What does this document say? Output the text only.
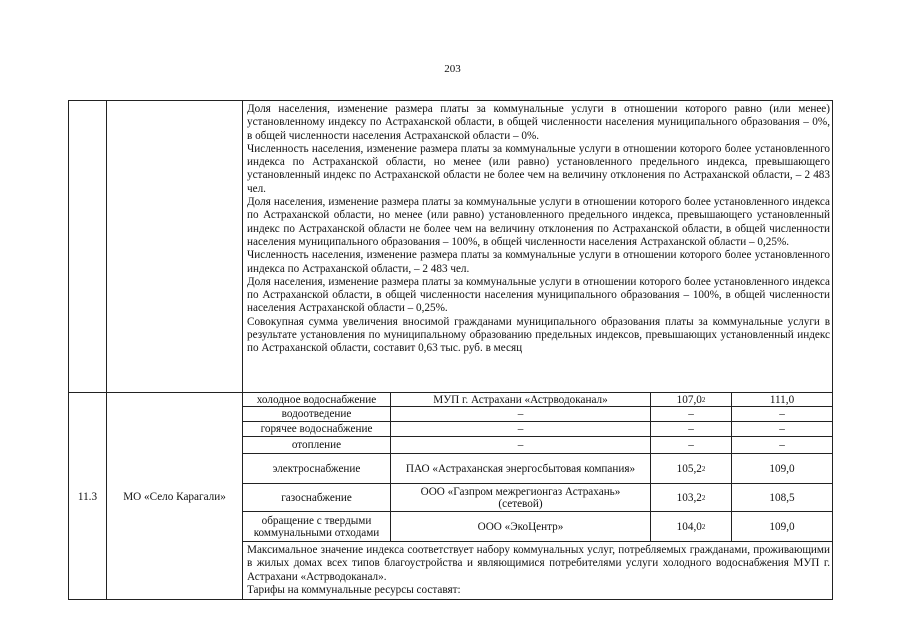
203

Доля населения, изменение размера платы за коммунальные услуги в отношении которого равно (или менее) установленному индексу по Астраханской области, в общей численности населения муниципального образования – 0%, в общей численности населения Астраханской области – 0%.

Численность населения, изменение размера платы за коммунальные услуги в отношении которого более установленного индекса по Астраханской области, но менее (или равно) установленного предельного индекса, превышающего установленный индекс по Астраханской области не более чем на величину отклонения по Астраханской области, – 2 483 чел.

Доля населения, изменение размера платы за коммунальные услуги в отношении которого более установленного индекса по Астраханской области, но менее (или равно) установленного предельного индекса, превышающего установленный индекс по Астраханской области не более чем на величину отклонения по Астраханской области, в общей численности населения муниципального образования – 100%, в общей численности населения Астраханской области – 0,25%.

Численность населения, изменение размера платы за коммунальные услуги в отношении которого более установленного индекса по Астраханской области, – 2 483 чел.

Доля населения, изменение размера платы за коммунальные услуги в отношении которого более установленного индекса по Астраханской области, в общей численности населения муниципального образования – 100%, в общей численности населения Астраханской области – 0,25%.

Совокупная сумма увеличения вносимой гражданами муниципального образования платы за коммунальные услуги в результате установления по муниципальному образованию предельных индексов, превышающих установленный индекс по Астраханской области, составит 0,63 тыс. руб. в месяц

11.3	МО «Село Карагали»
холодное водоснабжение	МУП г. Астрахани «Астрводоканал»	107,0 2	111,0
водоотведение	–	–	–
горячее водоснабжение	–	–	–
отопление	–	–	–
электроснабжение	ПАО «Астраханская энергосбытовая компания»	105,2 2	109,0
газоснабжение	ООО «Газпром межрегионгаз Астрахань» (сетевой)	103,2 2	108,5
обращение с твердыми коммунальными отходами	ООО «ЭкоЦентр»	104,0 2	109,0

Максимальное значение индекса соответствует набору коммунальных услуг, потребляемых гражданами, проживающими в жилых домах всех типов благоустройства и являющимися потребителями услуги холодного водоснабжения МУП г. Астрахани «Астрводоканал».

Тарифы на коммунальные ресурсы составят:
